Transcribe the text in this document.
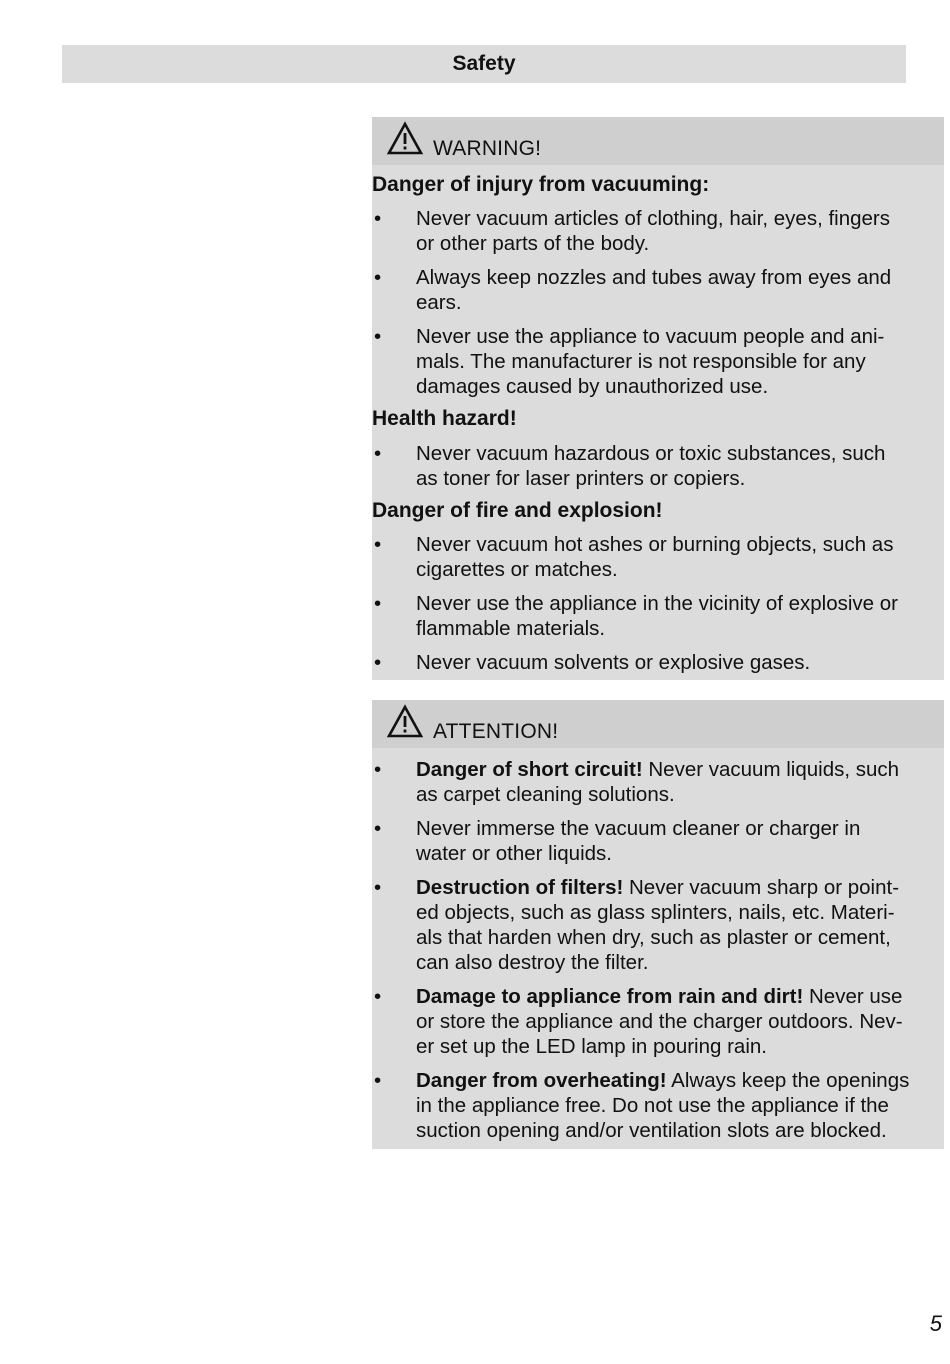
Safety
WARNING!
Danger of injury from vacuuming:
• Never vacuum articles of clothing, hair, eyes, fingers
or other parts of the body.
• Always keep nozzles and tubes away from eyes and
ears.
• Never use the appliance to vacuum people and ani-
mals. The manufacturer is not responsible for any
damages caused by unauthorized use.
Health hazard!
• Never vacuum hazardous or toxic substances, such
as toner for laser printers or copiers.
Danger of fire and explosion!
• Never vacuum hot ashes or burning objects, such as
cigarettes or matches.
• Never use the appliance in the vicinity of explosive or
flammable materials.
• Never vacuum solvents or explosive gases.
ATTENTION!
• Danger of short circuit! Never vacuum liquids, such
as carpet cleaning solutions.
• Never immerse the vacuum cleaner or charger in
water or other liquids.
• Destruction of filters! Never vacuum sharp or point-
ed objects, such as glass splinters, nails, etc. Materi-
als that harden when dry, such as plaster or cement,
can also destroy the filter.
• Damage to appliance from rain and dirt! Never use
or store the appliance and the charger outdoors. Nev-
er set up the LED lamp in pouring rain.
• Danger from overheating! Always keep the openings
in the appliance free. Do not use the appliance if the
suction opening and/or ventilation slots are blocked.
5
